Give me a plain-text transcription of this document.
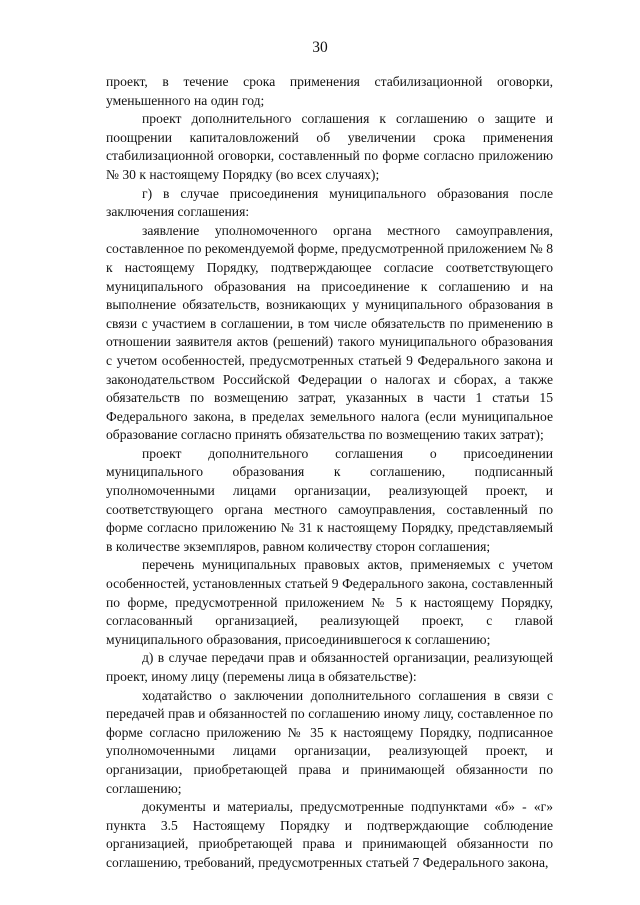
30

проект, в течение срока применения стабилизационной оговорки, уменьшенного на один год;

проект дополнительного соглашения к соглашению о защите и поощрении капиталовложений об увеличении срока применения стабилизационной оговорки, составленный по форме согласно приложению № 30 к настоящему Порядку (во всех случаях);

г) в случае присоединения муниципального образования после заключения соглашения:

заявление уполномоченного органа местного самоуправления, составленное по рекомендуемой форме, предусмотренной приложением № 8 к настоящему Порядку, подтверждающее согласие соответствующего муниципального образования на присоединение к соглашению и на выполнение обязательств, возникающих у муниципального образования в связи с участием в соглашении, в том числе обязательств по применению в отношении заявителя актов (решений) такого муниципального образования с учетом особенностей, предусмотренных статьей 9 Федерального закона и законодательством Российской Федерации о налогах и сборах, а также обязательств по возмещению затрат, указанных в части 1 статьи 15 Федерального закона, в пределах земельного налога (если муниципальное образование согласно принять обязательства по возмещению таких затрат);

проект дополнительного соглашения о присоединении муниципального образования к соглашению, подписанный уполномоченными лицами организации, реализующей проект, и соответствующего органа местного самоуправления, составленный по форме согласно приложению № 31 к настоящему Порядку, представляемый в количестве экземпляров, равном количеству сторон соглашения;

перечень муниципальных правовых актов, применяемых с учетом особенностей, установленных статьей 9 Федерального закона, составленный по форме, предусмотренной приложением № 5 к настоящему Порядку, согласованный организацией, реализующей проект, с главой муниципального образования, присоединившегося к соглашению;

д) в случае передачи прав и обязанностей организации, реализующей проект, иному лицу (перемены лица в обязательстве):

ходатайство о заключении дополнительного соглашения в связи с передачей прав и обязанностей по соглашению иному лицу, составленное по форме согласно приложению № 35 к настоящему Порядку, подписанное уполномоченными лицами организации, реализующей проект, и организации, приобретающей права и принимающей обязанности по соглашению;

документы и материалы, предусмотренные подпунктами «б» - «г» пункта 3.5 Настоящему Порядку и подтверждающие соблюдение организацией, приобретающей права и принимающей обязанности по соглашению, требований, предусмотренных статьей 7 Федерального закона,
